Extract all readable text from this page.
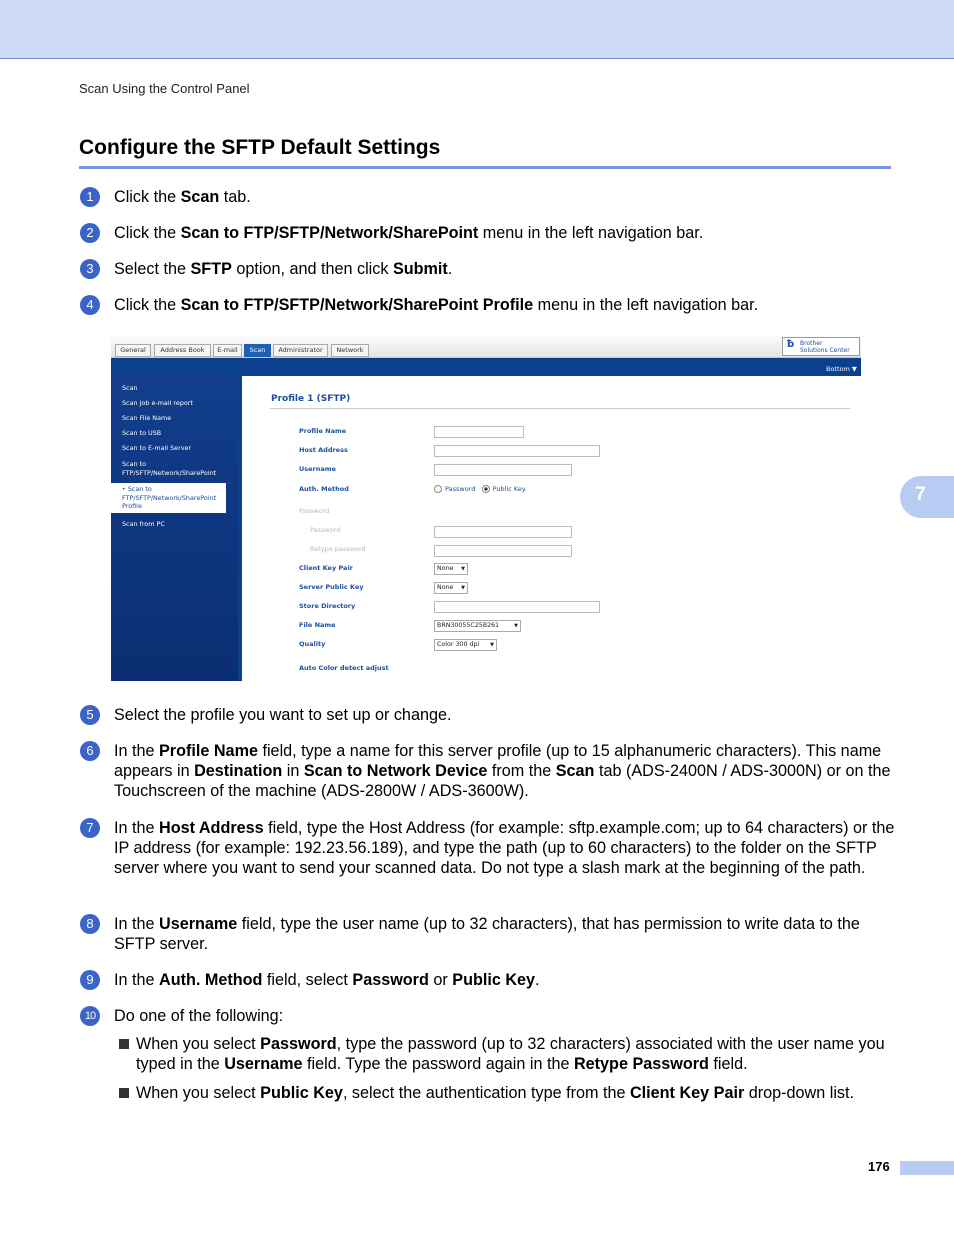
Scan Using the Control Panel
7
Configure the SFTP Default Settings
1	Click the Scan tab.
2	Click the Scan to FTP/SFTP/Network/SharePoint menu in the left navigation bar.
3	Select the SFTP option, and then click Submit.
4	Click the Scan to FTP/SFTP/Network/SharePoint Profile menu in the left navigation bar.
General	Address Book	E-mail	Scan	Administrator	Network	ƀ Brother
Solutions Center
Bottom ▼
Scan
Scan Job e-mail report
Scan File Name
Scan to USB
Scan to E-mail Server
Scan to FTP/SFTP/Network/SharePoint
‣ Scan to FTP/SFTP/Network/SharePoint Profile
Scan from PC
Profile 1 (SFTP)
Profile Name
Host Address
Username
Auth. Method	Password	Public Key
Password
Password
Retype password
Client Key Pair	None ▼
Server Public Key	None ▼
Store Directory
File Name	BRN30055C25B261	▼
Quality	Color 300 dpi ▼
Auto Color detect adjust
5	Select the profile you want to set up or change.
6	In the Profile Name field, type a name for this server profile (up to 15 alphanumeric characters). This name appears in Destination in Scan to Network Device from the Scan tab (ADS-2400N / ADS-3000N) or on the Touchscreen of the machine (ADS-2800W / ADS-3600W).
7	In the Host Address field, type the Host Address (for example: sftp.example.com; up to 64 characters) or the IP address (for example: 192.23.56.189), and type the path (up to 60 characters) to the folder on the SFTP server where you want to send your scanned data. Do not type a slash mark at the beginning of the path.
8	In the Username field, type the user name (up to 32 characters), that has permission to write data to the SFTP server.
9	In the Auth. Method field, select Password or Public Key.
10	Do one of the following:
When you select Password, type the password (up to 32 characters) associated with the user name you typed in the Username field. Type the password again in the Retype Password field.
When you select Public Key, select the authentication type from the Client Key Pair drop-down list.
176
